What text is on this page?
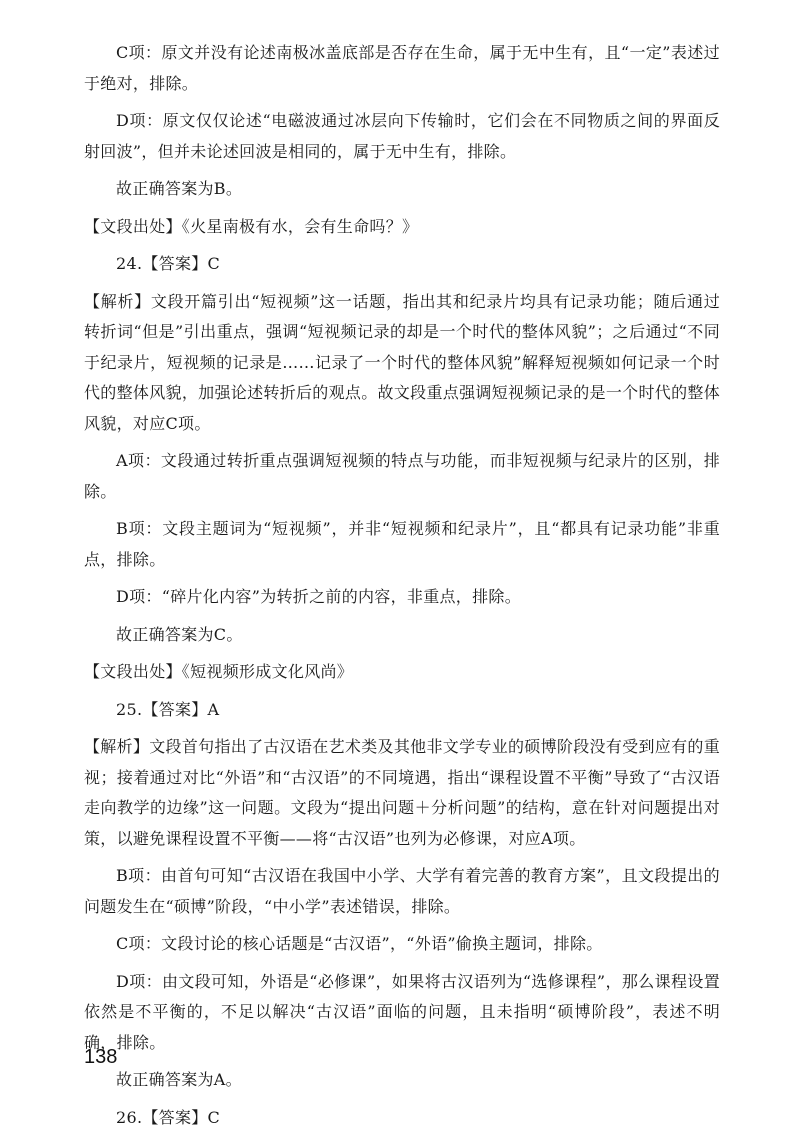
C项：原文并没有论述南极冰盖底部是否存在生命，属于无中生有，且“一定”表述过于绝对，排除。

D项：原文仅仅论述“电磁波通过冰层向下传输时，它们会在不同物质之间的界面反射回波”，但并未论述回波是相同的，属于无中生有，排除。

故正确答案为B。

【文段出处】《火星南极有水，会有生命吗？》

24.【答案】C

【解析】文段开篇引出“短视频”这一话题，指出其和纪录片均具有记录功能；随后通过转折词“但是”引出重点，强调“短视频记录的却是一个时代的整体风貌”；之后通过“不同于纪录片，短视频的记录是……记录了一个时代的整体风貌”解释短视频如何记录一个时代的整体风貌，加强论述转折后的观点。故文段重点强调短视频记录的是一个时代的整体风貌，对应C项。

A项：文段通过转折重点强调短视频的特点与功能，而非短视频与纪录片的区别，排除。

B项：文段主题词为“短视频”，并非“短视频和纪录片”，且“都具有记录功能”非重点，排除。

D项：“碎片化内容”为转折之前的内容，非重点，排除。

故正确答案为C。

【文段出处】《短视频形成文化风尚》

25.【答案】A

【解析】文段首句指出了古汉语在艺术类及其他非文学专业的硕博阶段没有受到应有的重视；接着通过对比“外语”和“古汉语”的不同境遇，指出“课程设置不平衡”导致了“古汉语走向教学的边缘”这一问题。文段为“提出问题＋分析问题”的结构，意在针对问题提出对策，以避免课程设置不平衡——将“古汉语”也列为必修课，对应A项。

B项：由首句可知“古汉语在我国中小学、大学有着完善的教育方案”，且文段提出的问题发生在“硕博”阶段，“中小学”表述错误，排除。

C项：文段讨论的核心话题是“古汉语”，“外语”偷换主题词，排除。

D项：由文段可知，外语是“必修课”，如果将古汉语列为“选修课程”，那么课程设置依然是不平衡的，不足以解决“古汉语”面临的问题，且未指明“硕博阶段”，表述不明确，排除。

故正确答案为A。

26.【答案】C

138
